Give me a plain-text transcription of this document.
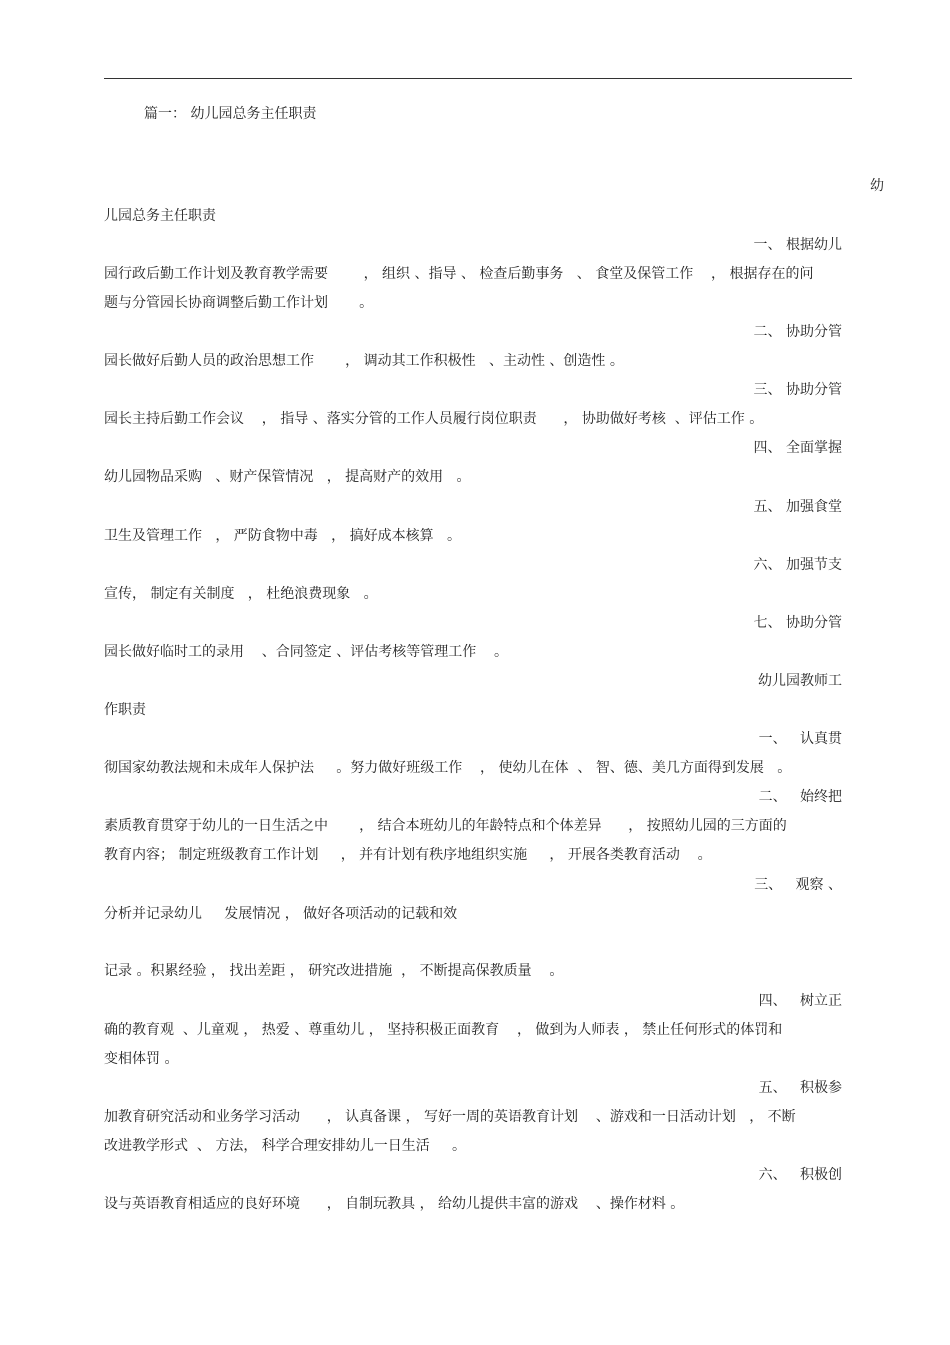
篇一： 幼儿园总务主任职责
幼
儿园总务主任职责
一、 根据幼儿
园行政后勤工作计划及教育教学需要        ， 组织 、指导 、 检查后勤事务   、 食堂及保管工作    ， 根据存在的问
题与分管园长协商调整后勤工作计划       。
二、 协助分管
园长做好后勤人员的政治思想工作       ， 调动其工作积极性   、主动性 、创造性 。
三、 协助分管
园长主持后勤工作会议    ， 指导 、落实分管的工作人员履行岗位职责      ， 协助做好考核  、评估工作 。
四、 全面掌握
幼儿园物品采购   、财产保管情况   ， 提高财产的效用   。
五、 加强食堂
卫生及管理工作   ， 严防食物中毒   ， 搞好成本核算   。
六、 加强节支
宣传， 制定有关制度   ， 杜绝浪费现象   。
七、 协助分管
园长做好临时工的录用    、合同签定 、评估考核等管理工作    。
幼儿园教师工
作职责
一、   认真贯
彻国家幼教法规和未成年人保护法     。努力做好班级工作    ， 使幼儿在体  、 智、德、美几方面得到发展   。
二、   始终把
素质教育贯穿于幼儿的一日生活之中       ， 结合本班幼儿的年龄特点和个体差异      ， 按照幼儿园的三方面的
教育内容； 制定班级教育工作计划     ， 并有计划有秩序地组织实施     ， 开展各类教育活动    。
三、   观察 、
分析并记录幼儿     发展情况 ， 做好各项活动的记载和效
记录 。积累经验 ， 找出差距 ， 研究改进措施  ， 不断提高保教质量    。
四、   树立正
确的教育观  、儿童观 ， 热爱 、尊重幼儿 ， 坚持积极正面教育    ， 做到为人师表 ， 禁止任何形式的体罚和
变相体罚 。
五、   积极参
加教育研究活动和业务学习活动      ， 认真备课 ， 写好一周的英语教育计划    、游戏和一日活动计划   ， 不断
改进教学形式  、 方法， 科学合理安排幼儿一日生活     。
六、   积极创
设与英语教育相适应的良好环境      ， 自制玩教具 ， 给幼儿提供丰富的游戏    、操作材料 。
